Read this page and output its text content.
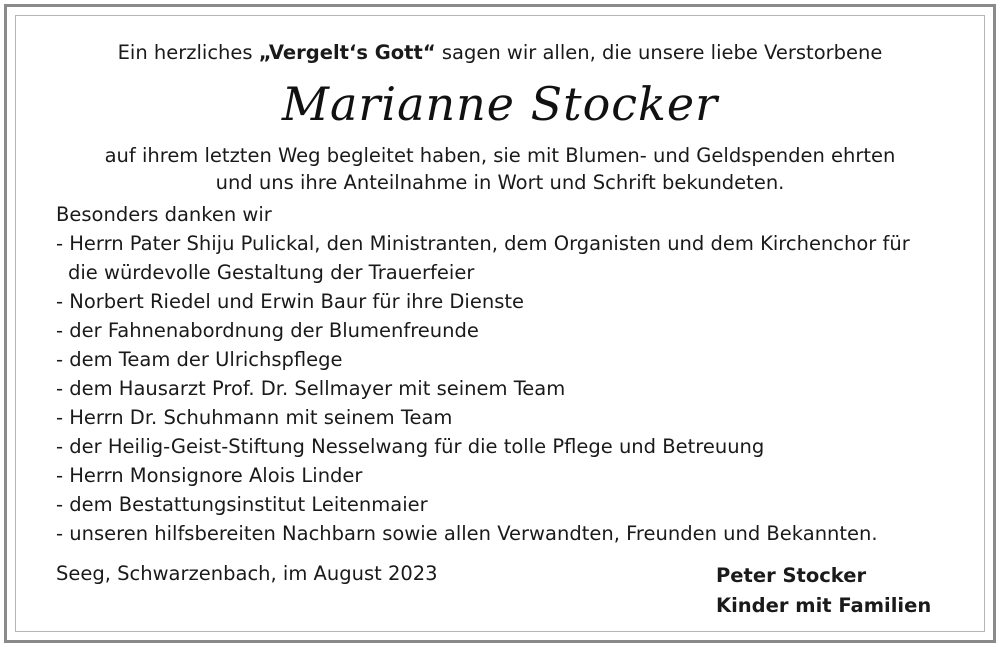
Ein herzliches „Vergelt‘s Gott“ sagen wir allen, die unsere liebe Verstorbene
Marianne Stocker
auf ihrem letzten Weg begleitet haben, sie mit Blumen- und Geldspenden ehrten
und uns ihre Anteilnahme in Wort und Schrift bekundeten.
Besonders danken wir
- Herrn Pater Shiju Pulickal, den Ministranten, dem Organisten und dem Kirchenchor für
die würdevolle Gestaltung der Trauerfeier
- Norbert Riedel und Erwin Baur für ihre Dienste
- der Fahnenabordnung der Blumenfreunde
- dem Team der Ulrichspflege
- dem Hausarzt Prof. Dr. Sellmayer mit seinem Team
- Herrn Dr. Schuhmann mit seinem Team
- der Heilig-Geist-Stiftung Nesselwang für die tolle Pflege und Betreuung
- Herrn Monsignore Alois Linder
- dem Bestattungsinstitut Leitenmaier
- unseren hilfsbereiten Nachbarn sowie allen Verwandten, Freunden und Bekannten.
Seeg, Schwarzenbach, im August 2023	Peter Stocker
Kinder mit Familien
